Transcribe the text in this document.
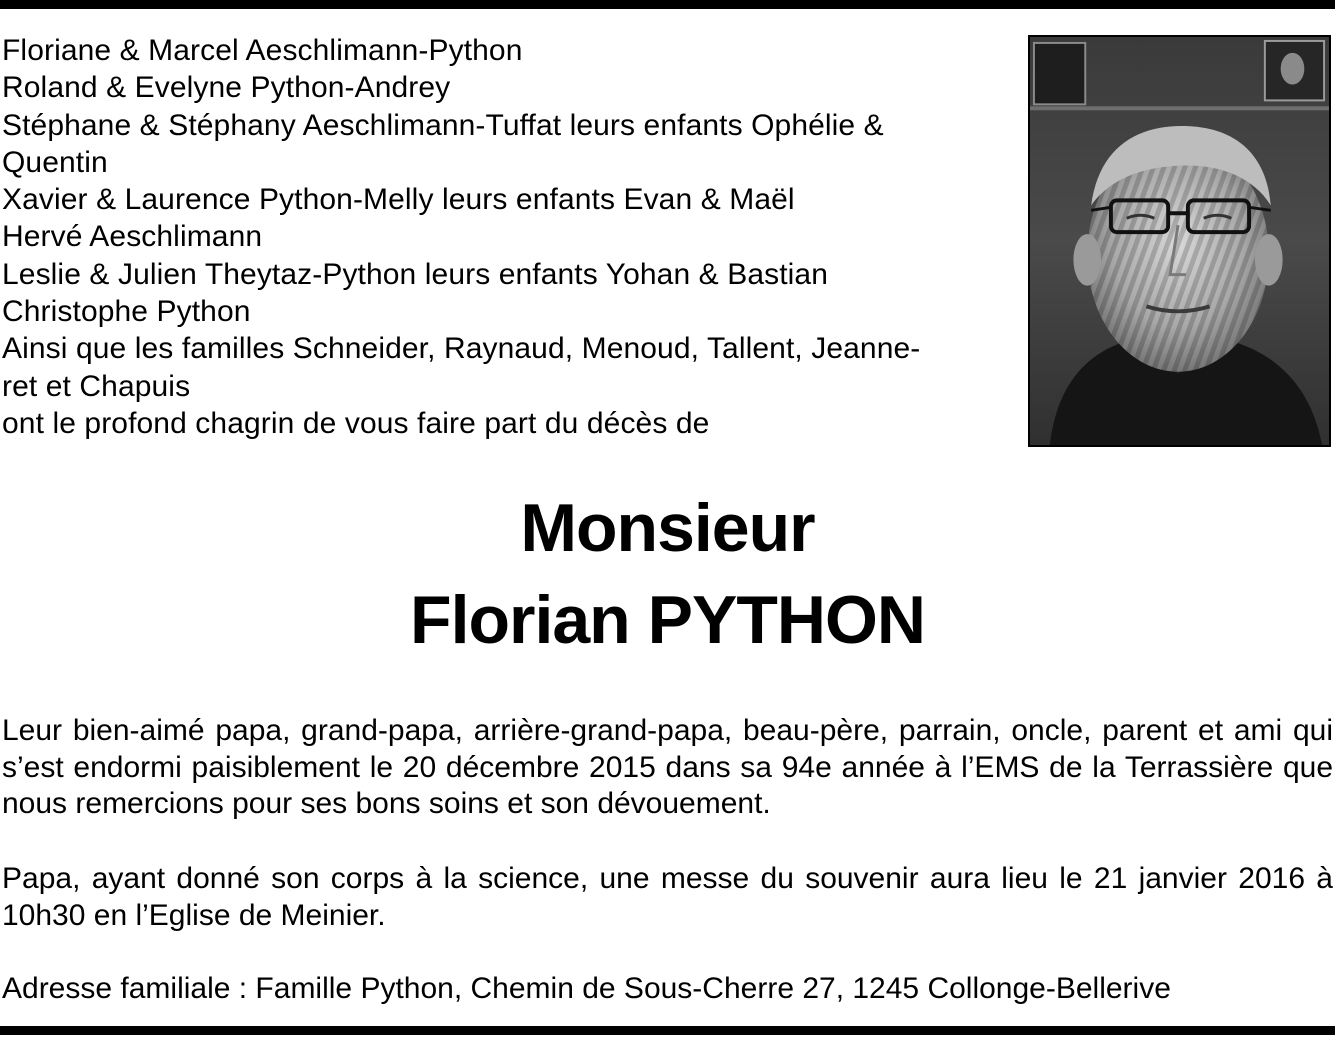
Floriane & Marcel Aeschlimann-Python
Roland & Evelyne Python-Andrey
Stéphane & Stéphany Aeschlimann-Tuffat leurs enfants Ophélie &
Quentin
Xavier & Laurence Python-Melly leurs enfants Evan & Maël
Hervé Aeschlimann
Leslie & Julien Theytaz-Python leurs enfants Yohan & Bastian
Christophe Python
Ainsi que les familles Schneider, Raynaud, Menoud, Tallent, Jeanne-
ret et Chapuis
ont le profond chagrin de vous faire part du décès de
Monsieur
Florian PYTHON
Leur bien-aimé papa, grand-papa, arrière-grand-papa, beau-père, parrain, oncle, parent et ami qui s’est endormi paisiblement le 20 décembre 2015 dans sa 94e année à l’EMS de la Terrassière que nous remercions pour ses bons soins et son dévouement.
Papa, ayant donné son corps à la science, une messe du souvenir aura lieu le 21 janvier 2016 à 10h30 en l’Eglise de Meinier.
Adresse familiale : Famille Python, Chemin de Sous-Cherre 27, 1245 Collonge-Bellerive
